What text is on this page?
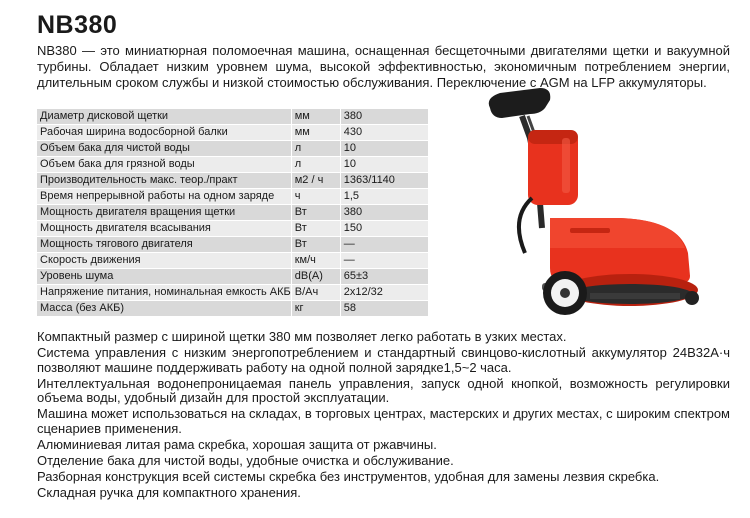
NB380

NB380 — это миниатюрная поломоечная машина, оснащенная бесщеточными двигателями щетки и вакуумной турбины. Обладает низким уровнем шума, высокой эффективностью, экономичным потреблением энергии, длительным сроком службы и низкой стоимостью обслуживания. Переключение с AGM на LFP аккумуляторы.

Диаметр дисковой щетки	мм	380
Рабочая ширина водосборной балки	мм	430
Объем бака для чистой воды	л	10
Объем бака для грязной воды	л	10
Производительность макс. теор./практ	м2 / ч	1363/1140
Время непрерывной работы на одном заряде	ч	1,5
Мощность двигателя вращения щетки	Вт	380
Мощность двигателя всасывания	Вт	150
Мощность тягового двигателя	Вт	—
Скорость движения	км/ч	—
Уровень шума	dB(A)	65±3
Напряжение питания, номинальная емкость АКБ	В/Ач	2х12/32
Масса (без АКБ)	кг	58
Компактный размер с шириной щетки 380 мм позволяет легко работать в узких местах.
Система управления с низким энергопотреблением и стандартный свинцово-кислотный аккумулятор 24В32А·ч позволяют машине поддерживать работу на одной полной зарядке1,5~2 часа.
Интеллектуальная водонепроницаемая панель управления, запуск одной кнопкой, возможность регулировки объема воды, удобный дизайн для простой эксплуатации.
Машина может использоваться на складах, в торговых центрах, мастерских и других местах, с широким спектром сценариев применения.
Алюминиевая литая рама скребка, хорошая защита от ржавчины.
Отделение бака для чистой воды, удобные очистка и обслуживание.
Разборная конструкция всей системы скребка без инструментов, удобная для замены лезвия скребка.
Складная ручка для компактного хранения.
